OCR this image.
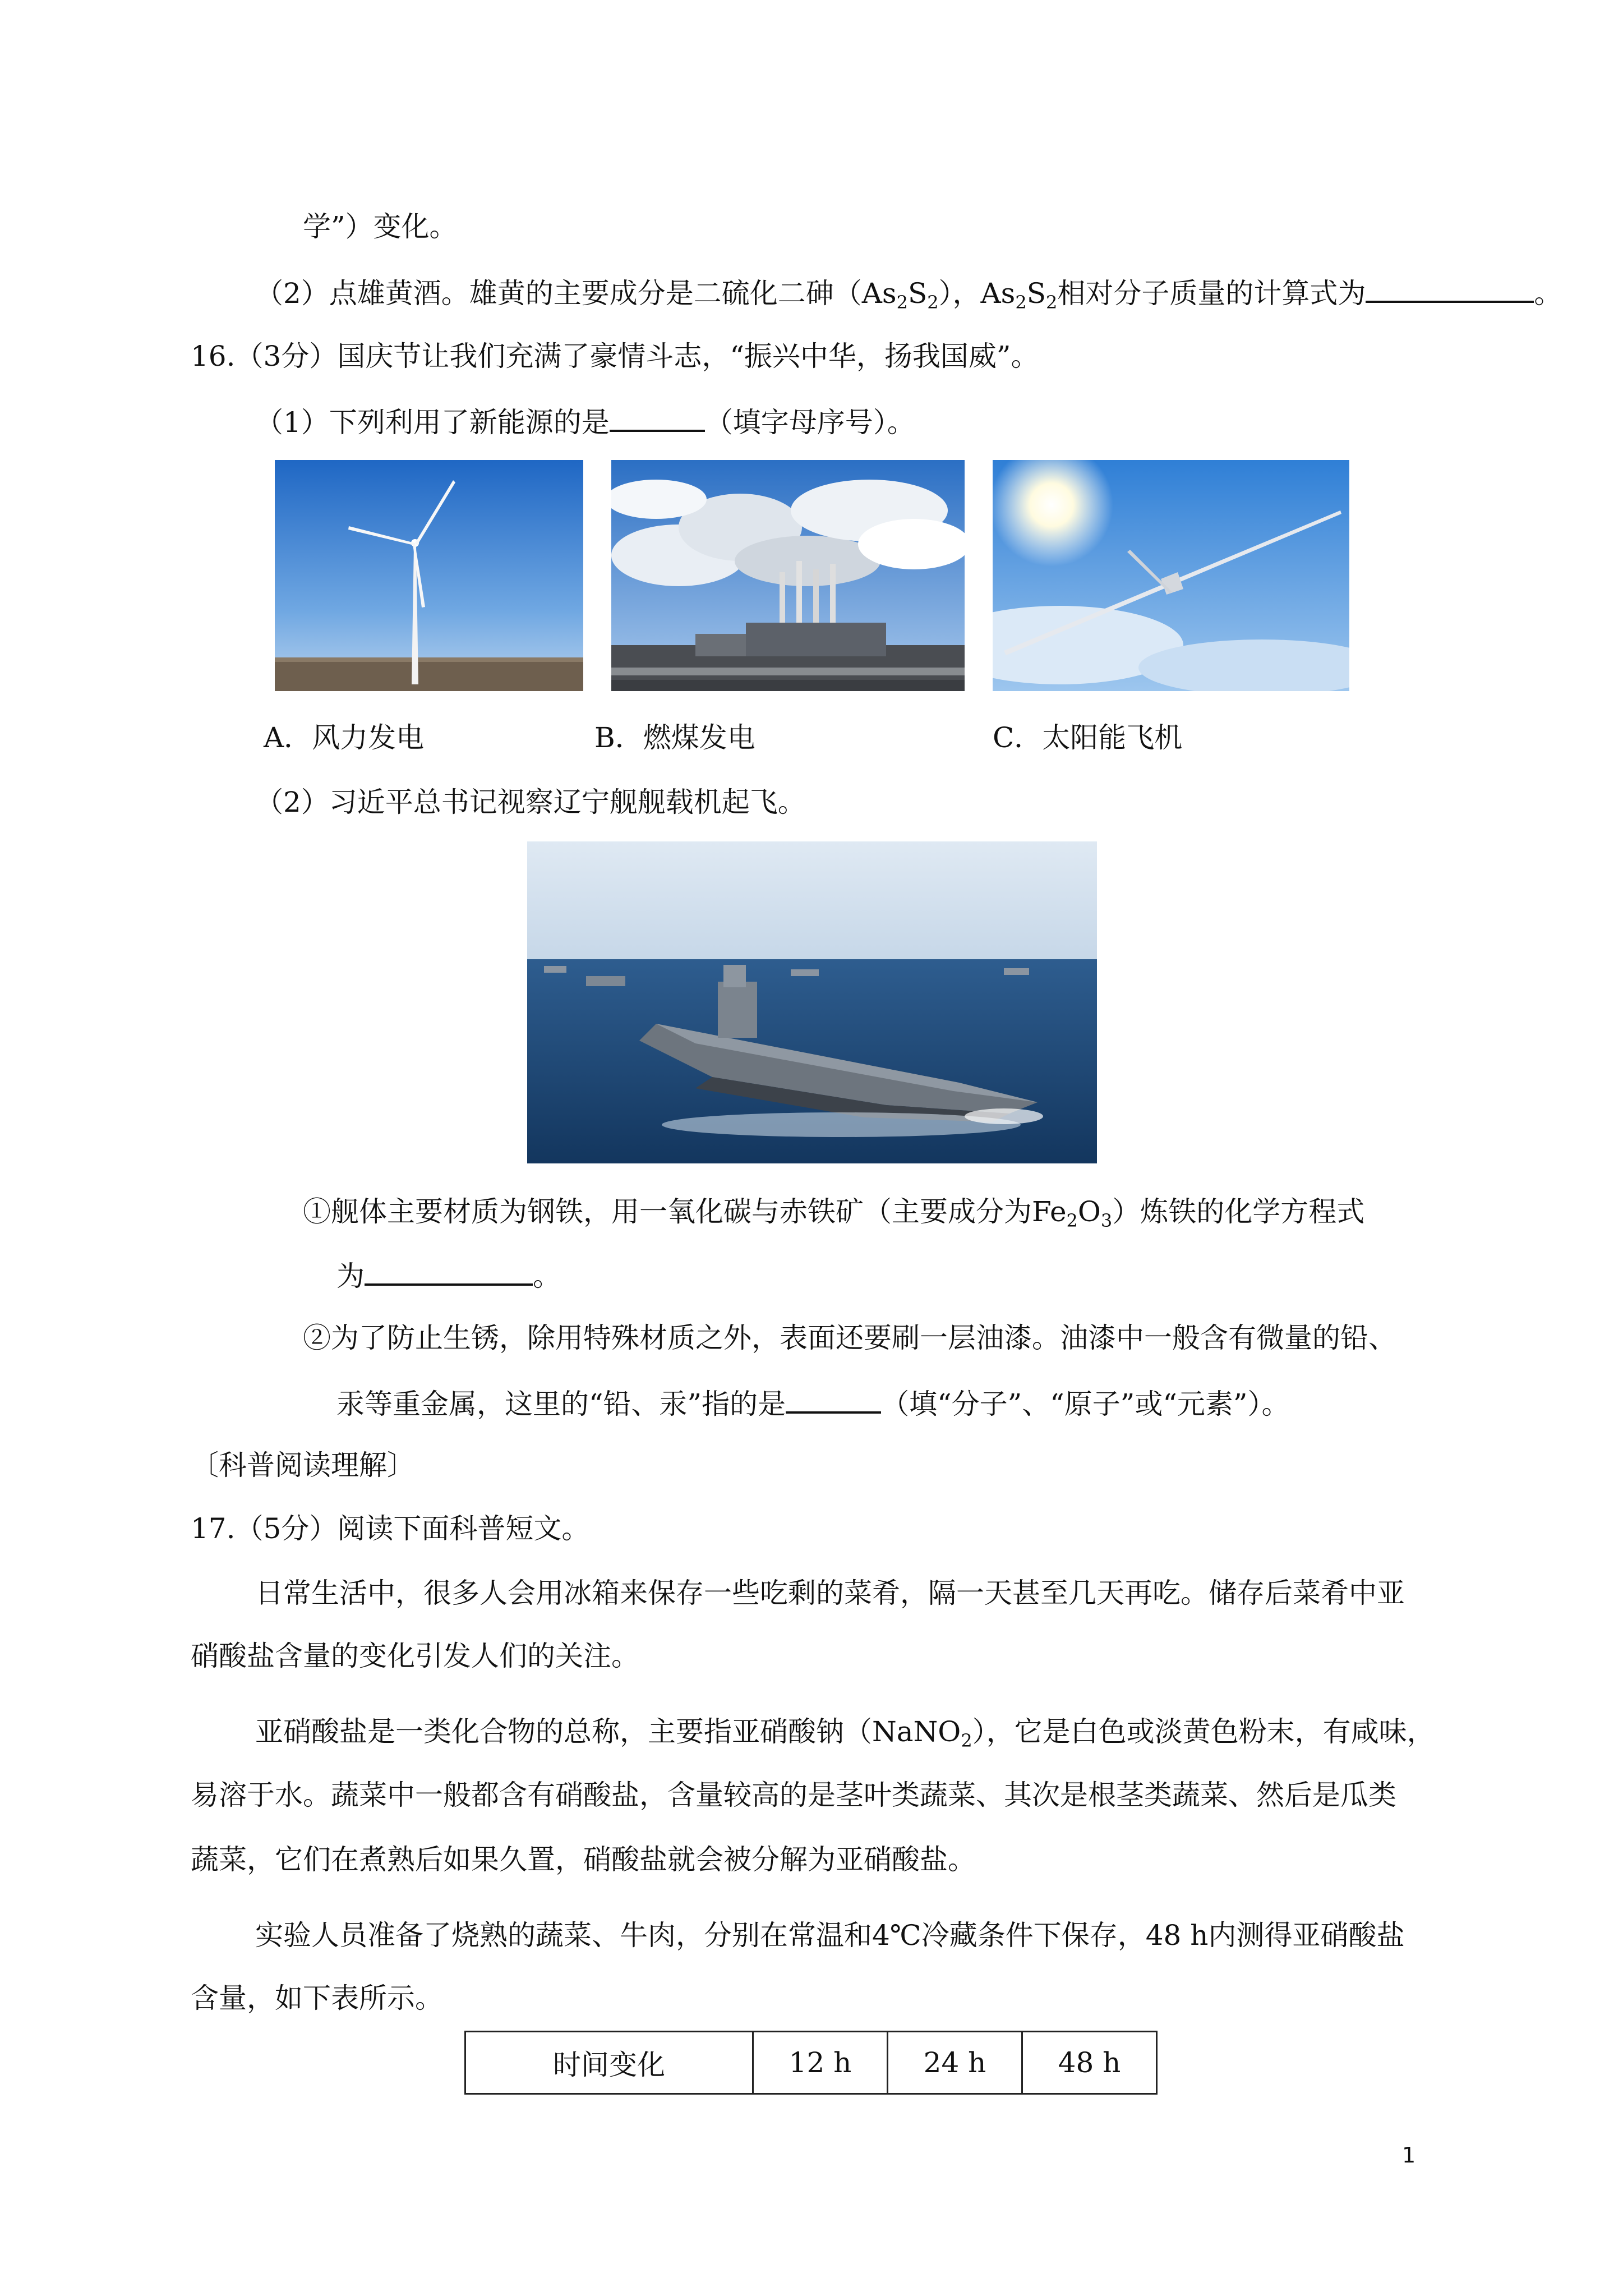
学”）变化。
（2）点雄黄酒。雄黄的主要成分是二硫化二砷$(As_2S_2)$，$As_2S_2$相对分子质量的计算式为	。
16.（3分）国庆节让我们充满了豪情斗志，“振兴中华，扬我国威”。
（1）下列利用了新能源的是	（填字母序号）。
A．风力发电	B．燃煤发电	C．太阳能飞机
（2）习近平总书记视察辽宁舰舰载机起飞。
①舰体主要材质为钢铁，用一氧化碳与赤铁矿（主要成分为$Fe_2O_3$）炼铁的化学方程式
为	。
②为了防止生锈，除用特殊材质之外，表面还要刷一层油漆。油漆中一般含有微量的铅、
汞等重金属，这里的“铅、汞”指的是	（填“分子”、“原子”或“元素”）。
〔科普阅读理解〕
17.（5分）阅读下面科普短文。
日常生活中，很多人会用冰箱来保存一些吃剩的菜肴，隔一天甚至几天再吃。储存后菜肴中亚
硝酸盐含量的变化引发人们的关注。
亚硝酸盐是一类化合物的总称，主要指亚硝酸钠（NaNO$_2$），它是白色或淡黄色粉末，有咸味，
易溶于水。蔬菜中一般都含有硝酸盐，含量较高的是茎叶类蔬菜、其次是根茎类蔬菜、然后是瓜类
蔬菜，它们在煮熟后如果久置，硝酸盐就会被分解为亚硝酸盐。
实验人员准备了烧熟的蔬菜、牛肉，分别在常温和4℃冷藏条件下保存，48 h内测得亚硝酸盐
含量，如下表所示。
时间变化	12 h	24 h	48 h
1
